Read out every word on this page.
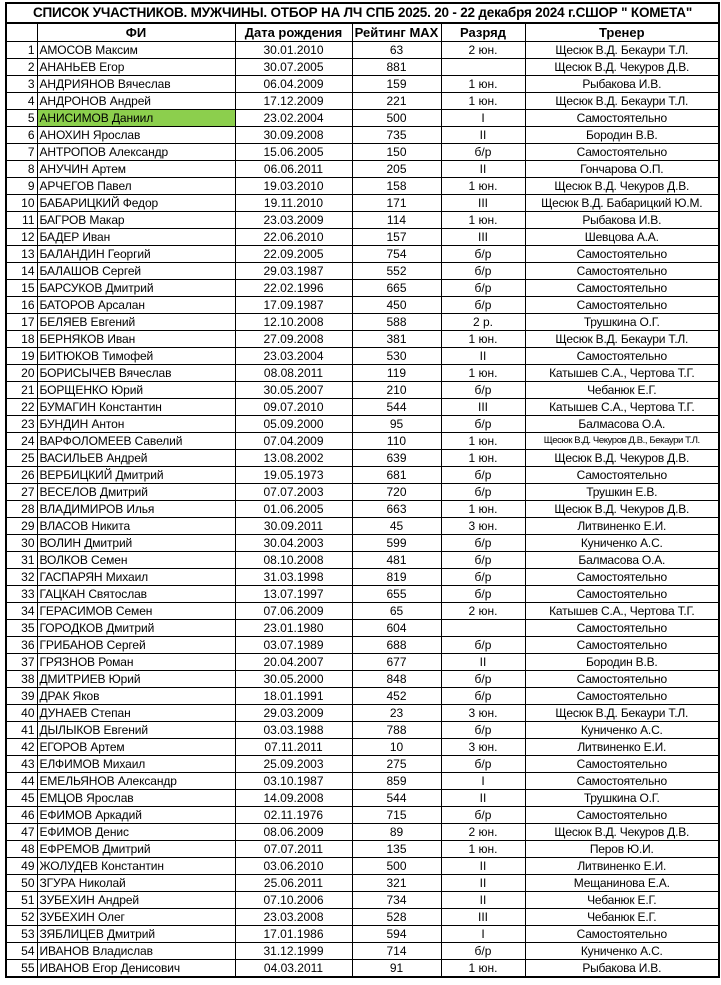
СПИСОК УЧАСТНИКОВ. МУЖЧИНЫ. ОТБОР НА ЛЧ СПБ 2025. 20 - 22 декабря 2024 г.СШОР " КОМЕТА"					
	ФИ	Дата рождения	Рейтинг MAX	Разряд	Тренер
1	АМОСОВ Максим	30.01.2010	63	2 юн.	Щесюк В.Д. Бекаури Т.Л.
2	АНАНЬЕВ Егор	30.07.2005	881		Щесюк В.Д. Чекуров Д.В.
3	АНДРИЯНОВ Вячеслав	06.04.2009	159	1 юн.	Рыбакова И.В.
4	АНДРОНОВ Андрей	17.12.2009	221	1 юн.	Щесюк В.Д. Бекаури Т.Л.
5	АНИСИМОВ Даниил	23.02.2004	500	I	Самостоятельно
6	АНОХИН Ярослав	30.09.2008	735	II	Бородин В.В.
7	АНТРОПОВ Александр	15.06.2005	150	б/р	Самостоятельно
8	АНУЧИН Артем	06.06.2011	205	II	Гончарова О.П.
9	АРЧЕГОВ Павел	19.03.2010	158	1 юн.	Щесюк В.Д. Чекуров Д.В.
10	БАБАРИЦКИЙ Федор	19.11.2010	171	III	Щесюк В.Д. Бабарицкий Ю.М.
11	БАГРОВ Макар	23.03.2009	114	1 юн.	Рыбакова И.В.
12	БАДЕР Иван	22.06.2010	157	III	Шевцова А.А.
13	БАЛАНДИН Георгий	22.09.2005	754	б/р	Самостоятельно
14	БАЛАШОВ Сергей	29.03.1987	552	б/р	Самостоятельно
15	БАРСУКОВ Дмитрий	22.02.1996	665	б/р	Самостоятельно
16	БАТОРОВ Арсалан	17.09.1987	450	б/р	Самостоятельно
17	БЕЛЯЕВ Евгений	12.10.2008	588	2 р.	Трушкина О.Г.
18	БЕРНЯКОВ Иван	27.09.2008	381	1 юн.	Щесюк В.Д. Бекаури Т.Л.
19	БИТЮКОВ Тимофей	23.03.2004	530	II	Самостоятельно
20	БОРИСЫЧЕВ Вячеслав	08.08.2011	119	1 юн.	Катышев С.А., Чертова Т.Г.
21	БОРЩЕНКО Юрий	30.05.2007	210	б/р	Чебанюк Е.Г.
22	БУМАГИН Константин	09.07.2010	544	III	Катышев С.А., Чертова Т.Г.
23	БУНДИН Антон	05.09.2000	95	б/р	Балмасова О.А.
24	ВАРФОЛОМЕЕВ Савелий	07.04.2009	110	1 юн.	Щесюк В.Д. Чекуров Д.В., Бекаури Т.Л.
25	ВАСИЛЬЕВ Андрей	13.08.2002	639	1 юн.	Щесюк В.Д. Чекуров Д.В.
26	ВЕРБИЦКИЙ Дмитрий	19.05.1973	681	б/р	Самостоятельно
27	ВЕСЕЛОВ Дмитрий	07.07.2003	720	б/р	Трушкин Е.В.
28	ВЛАДИМИРОВ Илья	01.06.2005	663	1 юн.	Щесюк В.Д. Чекуров Д.В.
29	ВЛАСОВ Никита	30.09.2011	45	3 юн.	Литвиненко Е.И.
30	ВОЛИН Дмитрий	30.04.2003	599	б/р	Куниченко А.С.
31	ВОЛКОВ Семен	08.10.2008	481	б/р	Балмасова О.А.
32	ГАСПАРЯН Михаил	31.03.1998	819	б/р	Самостоятельно
33	ГАЦКАН Святослав	13.07.1997	655	б/р	Самостоятельно
34	ГЕРАСИМОВ Семен	07.06.2009	65	2 юн.	Катышев С.А., Чертова Т.Г.
35	ГОРОДКОВ Дмитрий	23.01.1980	604		Самостоятельно
36	ГРИБАНОВ Сергей	03.07.1989	688	б/р	Самостоятельно
37	ГРЯЗНОВ Роман	20.04.2007	677	II	Бородин В.В.
38	ДМИТРИЕВ Юрий	30.05.2000	848	б/р	Самостоятельно
39	ДРАК Яков	18.01.1991	452	б/р	Самостоятельно
40	ДУНАЕВ Степан	29.03.2009	23	3 юн.	Щесюк В.Д. Бекаури Т.Л.
41	ДЫЛЫКОВ Евгений	03.03.1988	788	б/р	Куниченко А.С.
42	ЕГОРОВ Артем	07.11.2011	10	3 юн.	Литвиненко Е.И.
43	ЕЛФИМОВ Михаил	25.09.2003	275	б/р	Самостоятельно
44	ЕМЕЛЬЯНОВ Александр	03.10.1987	859	I	Самостоятельно
45	ЕМЦОВ Ярослав	14.09.2008	544	II	Трушкина О.Г.
46	ЕФИМОВ Аркадий	02.11.1976	715	б/р	Самостоятельно
47	ЕФИМОВ Денис	08.06.2009	89	2 юн.	Щесюк В.Д. Чекуров Д.В.
48	ЕФРЕМОВ Дмитрий	07.07.2011	135	1 юн.	Перов Ю.И.
49	ЖОЛУДЕВ Константин	03.06.2010	500	II	Литвиненко Е.И.
50	ЗГУРА Николай	25.06.2011	321	II	Мещанинова Е.А.
51	ЗУБЕХИН Андрей	07.10.2006	734	II	Чебанюк Е.Г.
52	ЗУБЕХИН Олег	23.03.2008	528	III	Чебанюк Е.Г.
53	ЗЯБЛИЦЕВ Дмитрий	17.01.1986	594	I	Самостоятельно
54	ИВАНОВ Владислав	31.12.1999	714	б/р	Куниченко А.С.
55	ИВАНОВ Егор Денисович	04.03.2011	91	1 юн.	Рыбакова И.В.
